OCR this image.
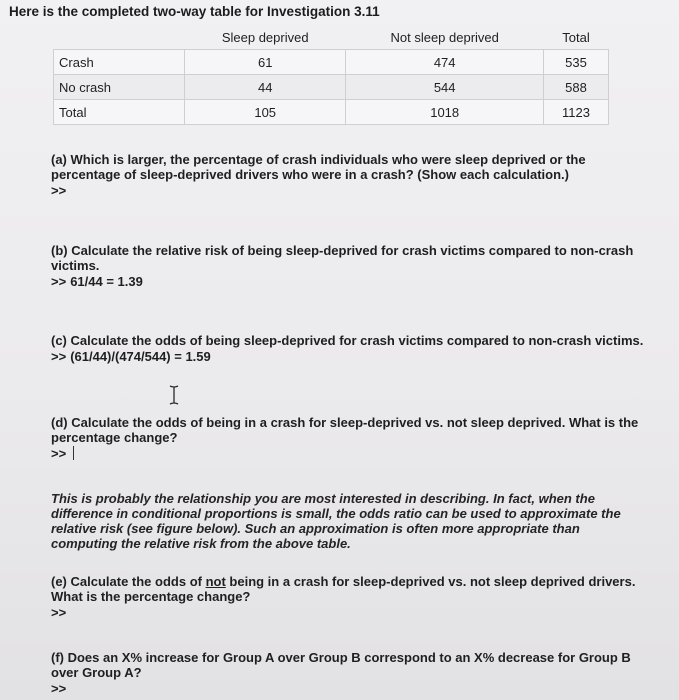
Here is the completed two-way table for Investigation 3.11
	Sleep deprived	Not sleep deprived	Total
Crash	61	474	535
No crash	44	544	588
Total	105	1018	1123
(a) Which is larger, the percentage of crash individuals who were sleep deprived or the percentage of sleep-deprived drivers who were in a crash? (Show each calculation.)
>>
(b) Calculate the relative risk of being sleep-deprived for crash victims compared to non-crash victims.
>> 61/44 = 1.39
(c) Calculate the odds of being sleep-deprived for crash victims compared to non-crash victims.
>> (61/44)/(474/544) = 1.59
(d) Calculate the odds of being in a crash for sleep-deprived vs. not sleep deprived. What is the percentage change?
>>
This is probably the relationship you are most interested in describing. In fact, when the difference in conditional proportions is small, the odds ratio can be used to approximate the relative risk (see figure below). Such an approximation is often more appropriate than computing the relative risk from the above table.
(e) Calculate the odds of not being in a crash for sleep-deprived vs. not sleep deprived drivers. What is the percentage change?
>>
(f) Does an X% increase for Group A over Group B correspond to an X% decrease for Group B over Group A?
>>
